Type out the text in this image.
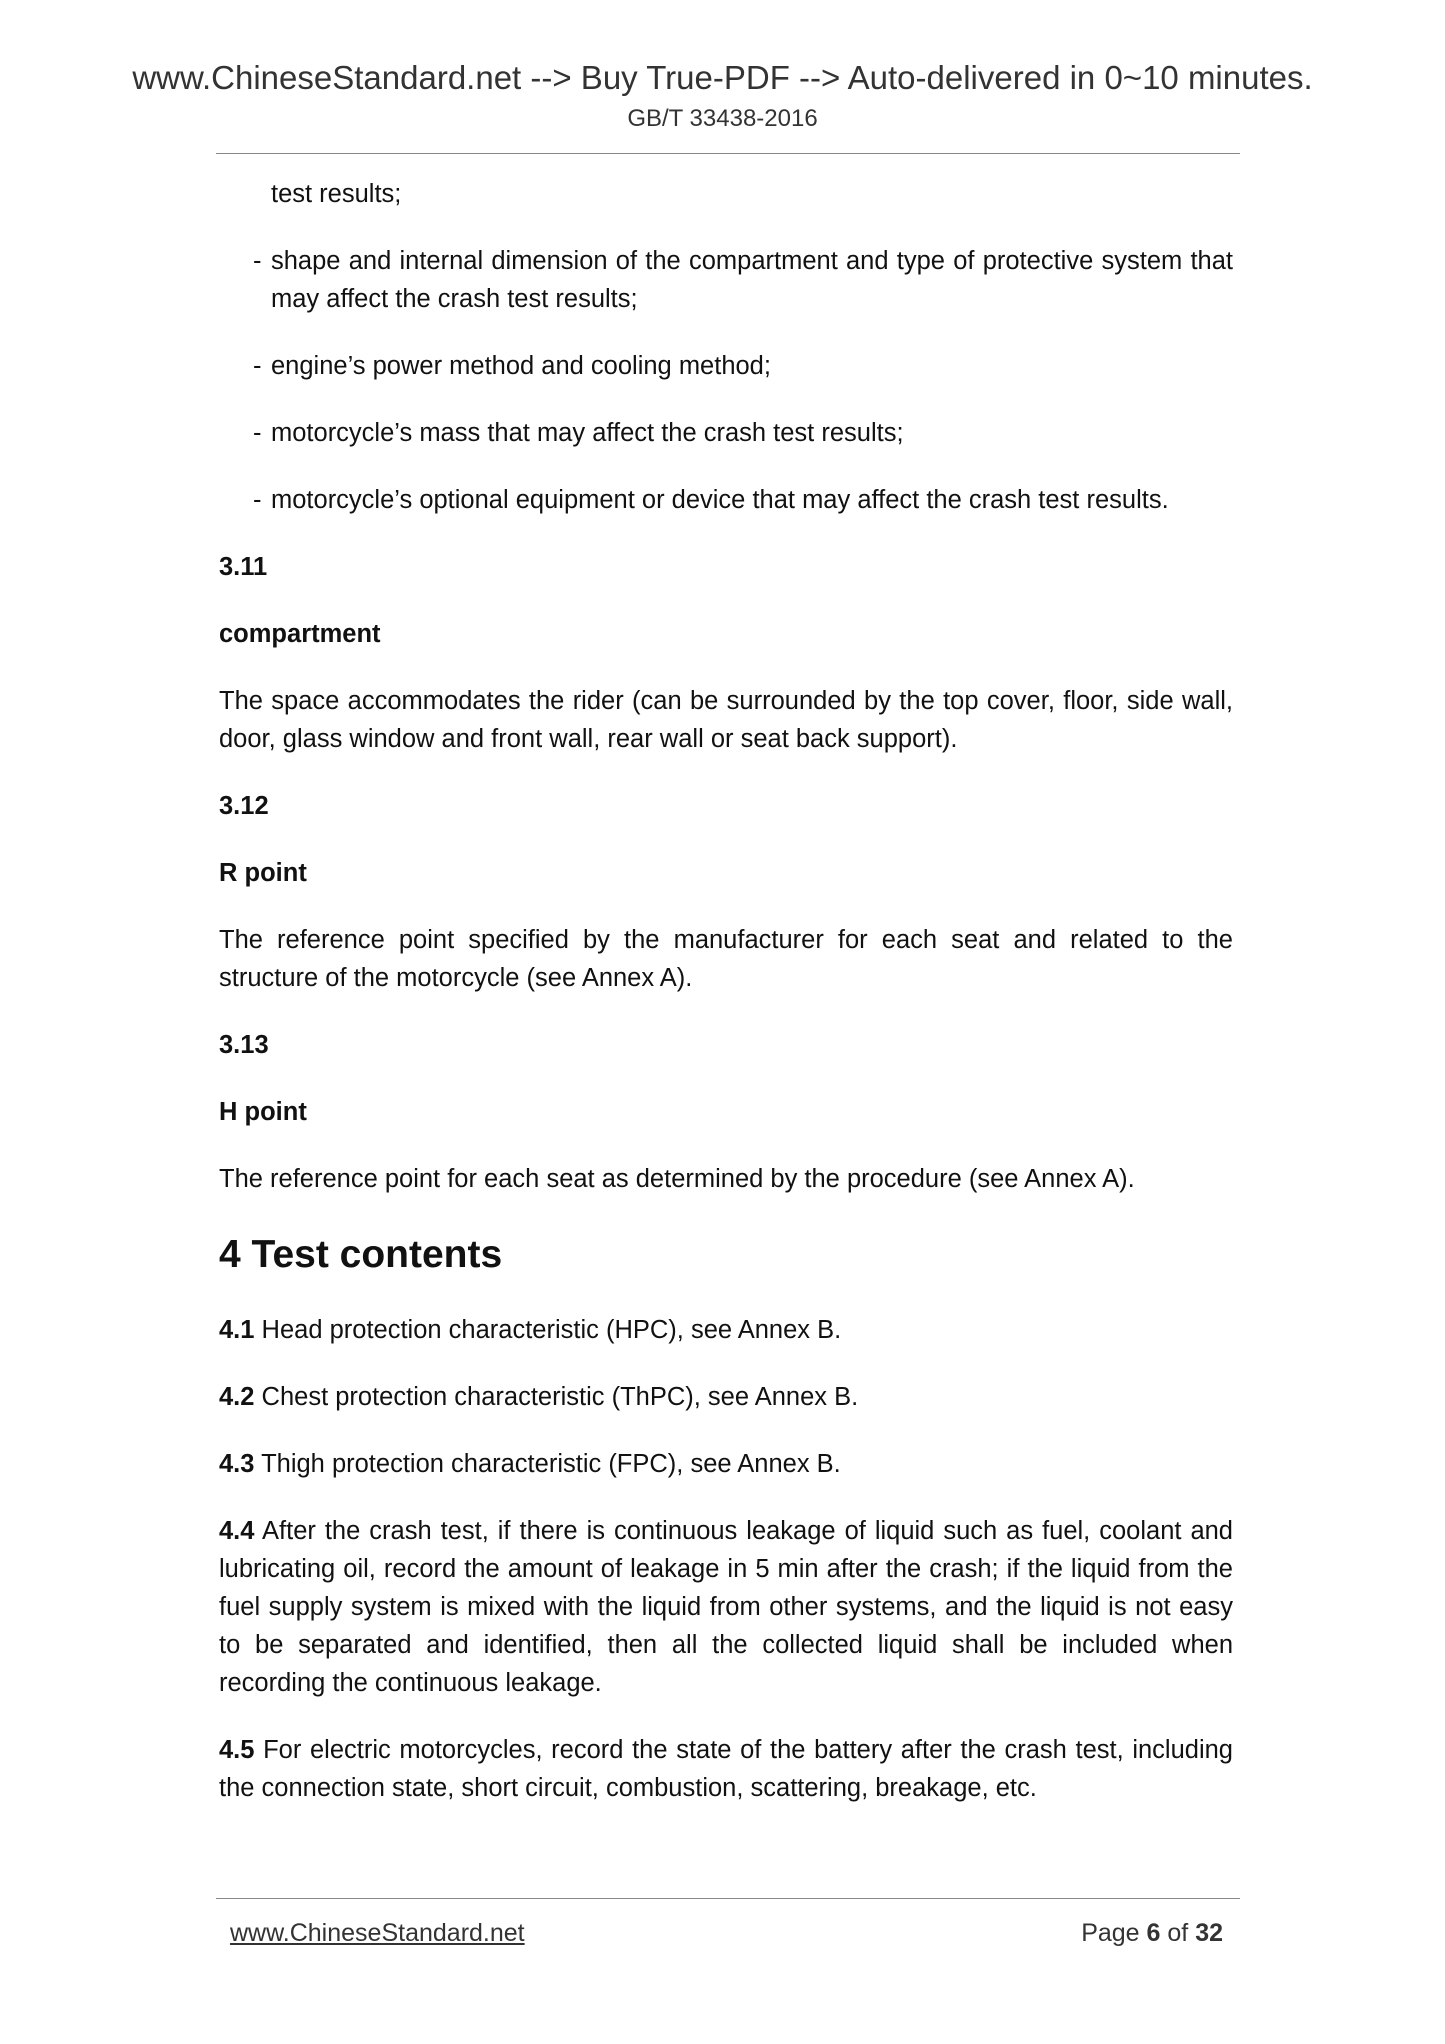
www.ChineseStandard.net --> Buy True-PDF --> Auto-delivered in 0~10 minutes.
GB/T 33438-2016

test results;

- shape and internal dimension of the compartment and type of protective system that may affect the crash test results;
- engine’s power method and cooling method;
- motorcycle’s mass that may affect the crash test results;
- motorcycle’s optional equipment or device that may affect the crash test results.

3.11

compartment

The space accommodates the rider (can be surrounded by the top cover, floor, side wall, door, glass window and front wall, rear wall or seat back support).

3.12

R point

The reference point specified by the manufacturer for each seat and related to the structure of the motorcycle (see Annex A).

3.13

H point

The reference point for each seat as determined by the procedure (see Annex A).

4 Test contents

4.1 Head protection characteristic (HPC), see Annex B.

4.2 Chest protection characteristic (ThPC), see Annex B.

4.3 Thigh protection characteristic (FPC), see Annex B.

4.4 After the crash test, if there is continuous leakage of liquid such as fuel, coolant and lubricating oil, record the amount of leakage in 5 min after the crash; if the liquid from the fuel supply system is mixed with the liquid from other systems, and the liquid is not easy to be separated and identified, then all the collected liquid shall be included when recording the continuous leakage.

4.5 For electric motorcycles, record the state of the battery after the crash test, including the connection state, short circuit, combustion, scattering, breakage, etc.

www.ChineseStandard.net	Page 6 of 32
